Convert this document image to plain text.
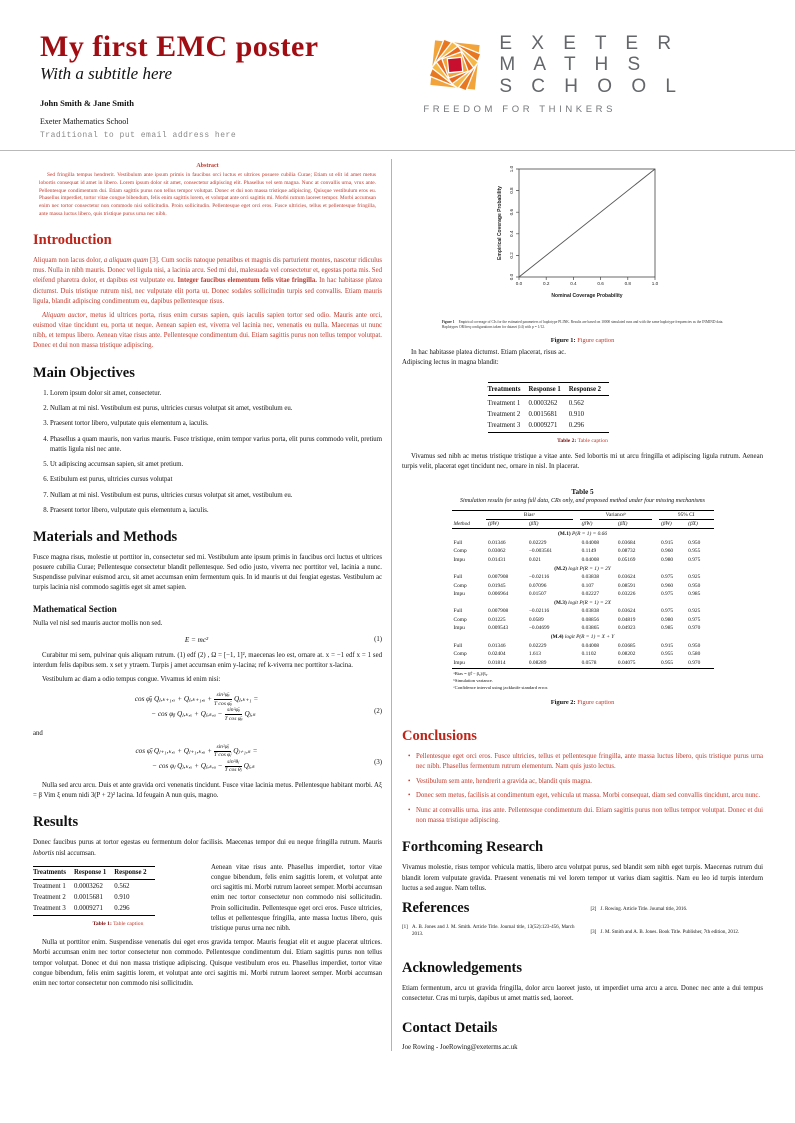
My first EMC poster
With a subtitle here
John Smith & Jane Smith
Exeter Mathematics School
Traditional to put email address here
E X E T E R
M A T H S
S C H O O L
FREEDOM FOR THINKERS
Abstract
Sed fringilla tempus hendrerit. Vestibulum ante ipsum primis in faucibus orci luctus et ultrices posuere cubilia Curae; Etiam ut elit id amet metus lobortis consequat id amet in libero. Lorem ipsum dolor sit amet, consectetur adipiscing elit. Phasellus vel sem magna. Nunc at convallis urna, vrux ante. Pellentesque condimentum dui. Etiam sagittis purus non tellus tempor volutpat. Donec et dui non massa tristique adipiscing. Quisque vestibulum eros eu. Phasellus imperdiet, tortor vitae congue bibendum, felis enim sagittis lorem, et volutpat ante orci sagittis mi. Morbi rutrum laoreet tempor. Morbi accumsan enim nec tortor consectetur non commodo nisi sollicitudin. Proin sollicitudin. Pellentesque eget orci eros. Fusce ultricies, tellus et pellentesque fringilla, ante massa luctus libero, quis tristique purus urna nec nibh.
Introduction

Aliquam non lacus dolor, a aliquam quam [3]. Cum sociis natoque penatibus et magnis dis parturient montes, nascetur ridiculus mus. Nulla in nibh mauris. Donec vel ligula nisi, a lacinia arcu. Sed mi dui, malesuada vel consectetur et, egestas porta mis. Sed eleifend pharetra dolor, et dapibus est vulputate eu. Integer faucibus elementum felis vitae fringilla. In hac habitasse platea dictumst. Duis tristique rutrum nisl, nec vulputate elit porta ut. Donec sodales sollicitudin turpis sed convallis. Etiam mauris ligula, blandit adipiscing condimentum eu, dapibus pellentesque risus.

Aliquam auctor, metus id ultrices porta, risus enim cursus sapien, quis iaculis sapien tortor sed odio. Mauris ante orci, euismod vitae tincidunt eu, porta ut neque. Aenean sapien est, viverra vel lacinia nec, venenatis eu nulla. Maecenas ut nunc nibh, et tempus libero. Aenean vitae risus ante. Pellentesque condimentum dui. Etiam sagittis purus non tellus tempor volutpat. Donec et dui non massa tristique adipiscing.

Main Objectives
1. Lorem ipsum dolor sit amet, consectetur.
2. Nullam at mi nisl. Vestibulum est purus, ultricies cursus volutpat sit amet, vestibulum eu.
3. Praesent tortor libero, vulputate quis elementum a, iaculis.
4. Phasellus a quam mauris, non varius mauris. Fusce tristique, enim tempor varius porta, elit purus commodo velit, pretium mattis ligula nisl nec ante.
5. Ut adipiscing accumsan sapien, sit amet pretium.
6. Estibulum est purus, ultricies cursus volutpat
7. Nullam at mi nisl. Vestibulum est purus, ultricies cursus volutpat sit amet, vestibulum eu.
8. Praesent tortor libero, vulputate quis elementum a, iaculis.
Materials and Methods

Fusce magna risus, molestie ut porttitor in, consectetur sed mi. Vestibulum ante ipsum primis in faucibus orci luctus et ultrices posuere cubilia Curae; Pellentesque consectetur blandit pellentesque. Sed odio justo, viverra nec porttitor vel, lacinia a nunc. Suspendisse pulvinar euismod arcu, sit amet accumsan enim fermentum quis. In id mauris ut dui feugiat egestas. Vestibulum ac turpis lacinia nisl commodo sagittis eget sit amet sapien.

Mathematical Section

Nulla vel nisl sed mauris auctor mollis non sed.

E = mc²	(1)

Curabitur mi sem, pulvinar quis aliquam rutrum. (1) edf (2) , Ω = [−1, 1]², maecenas leo est, ornare at. x = −1 edf x = 1 sed interdum felis dapibus sem. x set y ytraem. Turpis j amet accumsan enim y-lacina; ref k-viverra nec porttitor x-lacina.

Vestibulum ac diam a odio tempus congue. Vivamus id enim nisi:

cos φ̄ᵦ Qⱼ,ₖ₊₁,ₓ + Qⱼ,ₖ₊₁,ᵤ + $\frac{\text{sin²φ̄ᵦ}}{\text{T cos φ̄ᵦ}}$ Qⱼ,ₖ₊₁ =
− cos φᵦ Qⱼ,ₖ,ₓ + Qⱼ,ₖ,ᵤ − $\frac{\text{sin²φ̄ᵦ}}{\text{T cos φ̄ᵦ}}$ Qⱼ,ₖ	(2)

and

cos φ̄ⱼ Qⱼ₊₁,ₖ,ₓ + Qⱼ₊₁,ₖ,ᵤ + $\frac{\text{sin²φ̄ⱼ}}{\text{T cos φ̄ⱼ}}$ Qⱼ₊₁,ₖ =
− cos φⱼ Qⱼ,ₖ,ₓ + Qⱼ,ₖ,ᵤ − $\frac{\text{sin²θⱼ}}{\text{T cos θⱼ}}$ Qⱼ,ₖ	(3)

Nulla sed arcu arcu. Duis et ante gravida orci venenatis tincidunt. Fusce vitae lacinia metus. Pellentesque habitant morbi. Aξ = β Vim ξ enum nidi 3(P + 2)² lacina. Id feugain A nun quis, magno.

Results

Donec faucibus purus at tortor egestas eu fermentum dolor facilisis. Maecenas tempor dui eu neque fringilla rutrum. Mauris lobortis nisl accumsan.

Treatments	Response 1	Response 2
Treatment 1	0.0003262	0.562
Treatment 2	0.0015681	0.910
Treatment 3	0.0009271	0.296
Table 1: Table caption

Aenean vitae risus ante. Phasellus imperdiet, tortor vitae congue bibendum, felis enim sagittis lorem, et volutpat ante orci sagittis mi. Morbi rutrum laoreet semper. Morbi accumsan enim nec tortor consectetur non commodo nisi sollicitudin. Proin sollicitudin. Pellentesque eget orci eros. Fusce ultricies, tellus et pellentesque fringilla, ante massa luctus libero, quis tristique purus urna nec nibh.

Nulla ut porttitor enim. Suspendisse venenatis dui eget eros gravida tempor. Mauris feugiat elit et augue placerat ultrices. Morbi accumsan enim nec tortor consectetur non commodo. Pellentesque condimentum dui. Etiam sagittis purus non tellus tempor volutpat. Donec et dui non massa tristique adipiscing. Quisque vestibulum eros eu. Phasellus imperdiet, tortor vitae congue bibendum, felis enim sagittis lorem, et volutpat ante orci sagittis mi. Morbi rutrum laoreet semper. Morbi accumsan enim nec tortor consectetur non commodo nisi sollicitudin.

0.0	0.2	0.4	0.6	0.8	1.0
0.0
0.2
0.4
0.6
0.8
1.0
Nominal Coverage Probability
Empirical Coverage Probability
Figure 1 Empirical coverage of CIs for the estimated parameters of haplotype PLINK. Results are based on 10000 simulated runs and with the same haplotype frequencies as the INMIND data. Haplotypes OR/freq configurations taken for dataset (λ4) with p = 1/12.
Figure 1: Figure caption

In hac habitasse platea dictumst. Etiam placerat, risus ac.

Adipiscing lectus in magna blandit:

Treatments	Response 1	Response 2
Treatment 1	0.0003262	0.562
Treatment 2	0.0015681	0.910
Treatment 3	0.0009271	0.296
Table 2: Table caption

Vivamus sed nibh ac metus tristique tristique a vitae ante. Sed lobortis mi ut arcu fringilla et adipiscing ligula rutrum. Aenean turpis velit, placerat eget tincidunt nec, ornare in nisl. In placerat.

Table 5
Simulation results for using full data, CRs only, and proposed method under four missing mechanisms
	Biasᵃ			Varianceᵇ			95% CI	
Method	(β̂W)	(β̂X)		(β̂W)	(β̂X)		(β̂W)	(β̂X)
(M.1) P(R = 1) = 0.66								
Full	0.01346	0.02229		0.04008	0.03684		0.915	0.950
Comp	0.03062	−0.003561		0.1149	0.08732		0.960	0.955
Impu	0.01431	0.021		0.04008	0.05169		0.980	0.975
(M.2) logit P(R = 1) = 2Y								
Full	0.007908	−0.02116		0.03838	0.03624		0.975	0.925
Comp	0.01945	0.07096		0.107	0.08591		0.960	0.950
Impu	0.006964	0.01507		0.02227	0.03226		0.975	0.985
(M.3) logit P(R = 1) = 2X								
Full	0.007908	−0.02116		0.03838	0.03624		0.975	0.925
Comp	0.01225	0.0589		0.08856	0.04819		0.980	0.975
Impu	0.009543	−0.04699		0.03865	0.04923		0.985	0.970
(M.4) logit P(R = 1) = X + Y								
Full	0.01346	0.02229		0.04008	0.03685		0.915	0.950
Comp	0.02404	1.613		0.1102	0.08202		0.955	0.580
Impu	0.01814	0.08289		0.0578	0.04075		0.955	0.970
ᵃBias = (β̂ − β₀)/β₀.
ᵇSimulation variance.
ᶜConfidence interval using jackknife standard error.
Figure 2: Figure caption
Conclusions
• Pellentesque eget orci eros. Fusce ultricies, tellus et pellentesque fringilla, ante massa luctus libero, quis tristique purus urna nec nibh. Phasellus fermentum rutrum elementum. Nam quis justo lectus.
• Vestibulum sem ante, hendrerit a gravida ac, blandit quis magna.
• Donec sem metus, facilisis at condimentum eget, vehicula ut massa. Morbi consequat, diam sed convallis tincidunt, arcu nunc.
• Nunc at convallis urna. iras ante. Pellentesque condimentum dui. Etiam sagittis purus non tellus tempor volutpat. Donec et dui non massa tristique adipiscing.
Forthcoming Research

Vivamus molestie, risus tempor vehicula mattis, libero arcu volutpat purus, sed blandit sem nibh eget turpis. Maecenas rutrum dui blandit lorem vulputate gravida. Praesent venenatis mi vel lorem tempor ut varius diam sagittis. Nam eu leo id turpis interdum luctus a sed augue. Nam tellus.

References
[1] A. B. Jones and J. M. Smith. Article Title. Journal title, 13(52):123-456, March 2013.
[2] J. Rowing. Article Title. Journal title, 2016.
[3] J. M. Smith and A. B. Jones. Book Title. Publisher, 7th edition, 2012.
Acknowledgements

Etiam fermentum, arcu ut gravida fringilla, dolor arcu laoreet justo, ut imperdiet urna arcu a arcu. Donec nec ante a dui tempus consectetur. Cras mi turpis, dapibus ut amet mattis sed, laoreet.

Contact Details
Joe Rowing - JoeRowing@exeterms.ac.uk
